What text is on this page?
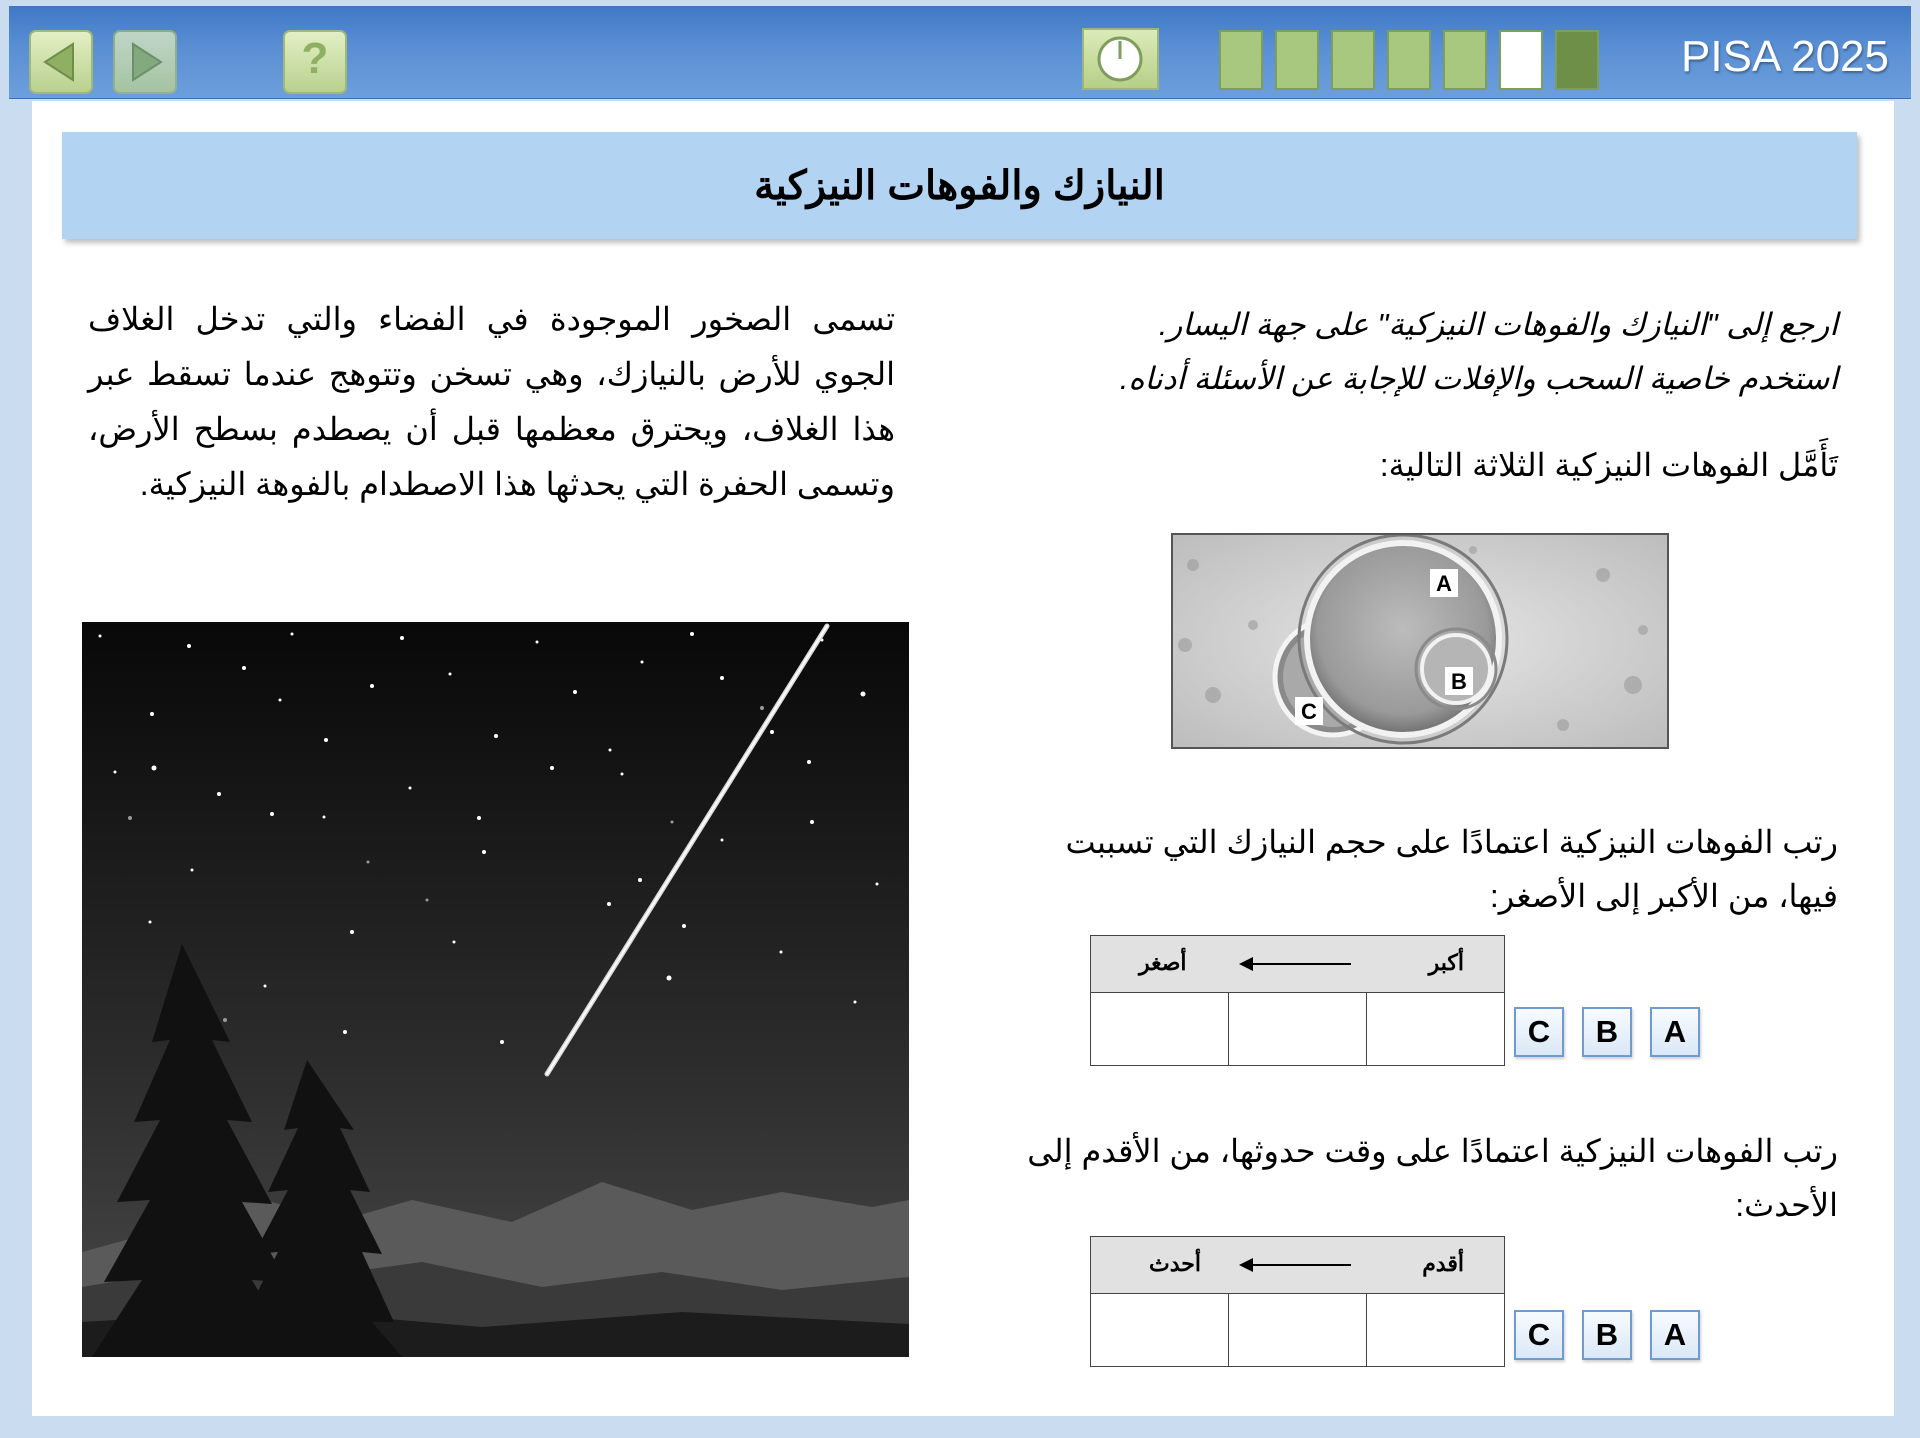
?	PISA 2025
النيازك والفوهات النيزكية
تسمى الصخور الموجودة في الفضاء والتي تدخل الغلاف الجوي للأرض بالنيازك، وهي تسخن وتتوهج عندما تسقط عبر هذا الغلاف، ويحترق معظمها قبل أن يصطدم بسطح الأرض، وتسمى الحفرة التي يحدثها هذا الاصطدام بالفوهة النيزكية.
ارجع إلى "النيازك والفوهات النيزكية" على جهة اليسار.
استخدم خاصية السحب والإفلات للإجابة عن الأسئلة أدناه.
تَأَمَّل الفوهات النيزكية الثلاثة التالية:
A
B
C
رتب الفوهات النيزكية اعتمادًا على حجم النيازك التي تسببت فيها، من الأكبر إلى الأصغر:
أكبر
أصغر

C	B	A
رتب الفوهات النيزكية اعتمادًا على وقت حدوثها، من الأقدم إلى الأحدث:
أقدم
أحدث

C	B	A
